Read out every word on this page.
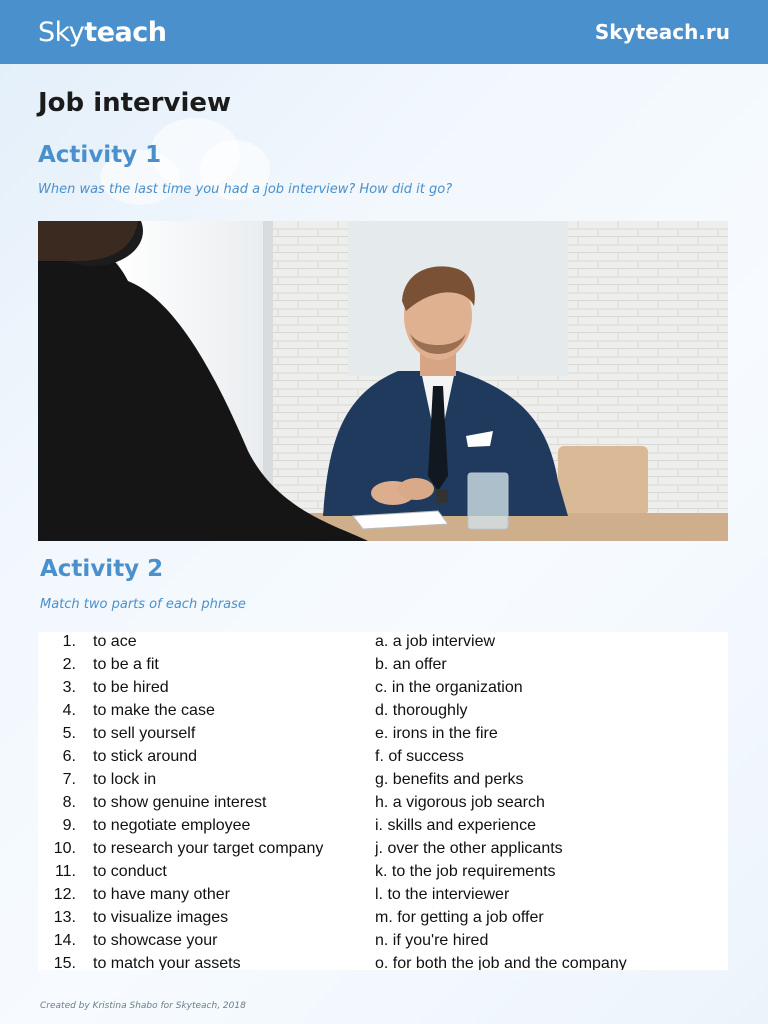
Skyteach	Skyteach.ru
Job interview
Activity 1
When was the last time you had a job interview? How did it go?
Activity 2
Match two parts of each phrase
1. to ace	a. a job interview
2. to be a fit	b. an offer
3. to be hired	c. in the organization
4. to make the case	d. thoroughly
5. to sell yourself	e. irons in the fire
6. to stick around	f. of success
7. to lock in	g. benefits and perks
8. to show genuine interest	h. a vigorous job search
9. to negotiate employee	i. skills and experience
10. to research your target company	j. over the other applicants
11. to conduct	k. to the job requirements
12. to have many other	l. to the interviewer
13. to visualize images	m. for getting a job offer
14. to showcase your	n. if you're hired
15. to match your assets	o. for both the job and the company
Created by Kristina Shabo for Skyteach, 2018
